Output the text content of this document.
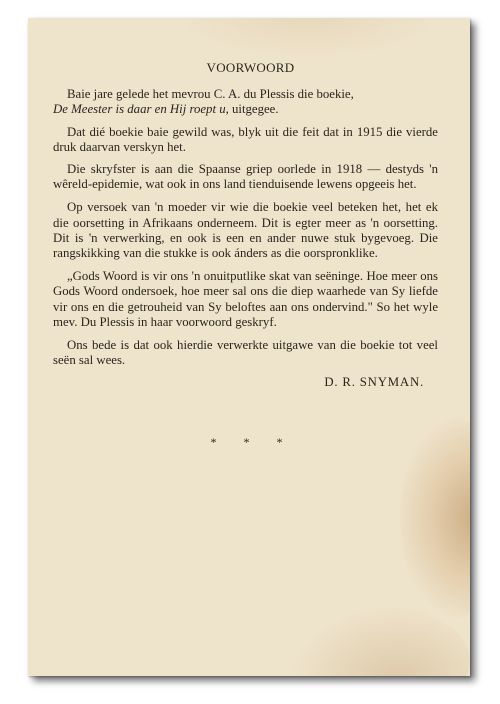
VOORWOORD

Baie jare gelede het mevrou C. A. du Plessis die boekie,
De Meester is daar en Hij roept u, uitgegee.

Dat dié boekie baie gewild was, blyk uit die feit dat in 1915 die vierde druk daarvan verskyn het.

Die skryfster is aan die Spaanse griep oorlede in 1918 — destyds 'n wêreld-epidemie, wat ook in ons land tienduisende lewens opgeeis het.

Op versoek van 'n moeder vir wie die boekie veel beteken het, het ek die oorsetting in Afrikaans onderneem. Dit is egter meer as 'n oorsetting. Dit is 'n verwerking, en ook is een en ander nuwe stuk bygevoeg. Die rangskikking van die stukke is ook ánders as die oorspronklike.

„Gods Woord is vir ons 'n onuitputlike skat van seëninge. Hoe meer ons Gods Woord ondersoek, hoe meer sal ons die diep waarhede van Sy liefde vir ons en die getrouheid van Sy beloftes aan ons ondervind." So het wyle mev. Du Plessis in haar voorwoord geskryf.

Ons bede is dat ook hierdie verwerkte uitgawe van die boekie tot veel seën sal wees.

D. R. SNYMAN.
* * *
